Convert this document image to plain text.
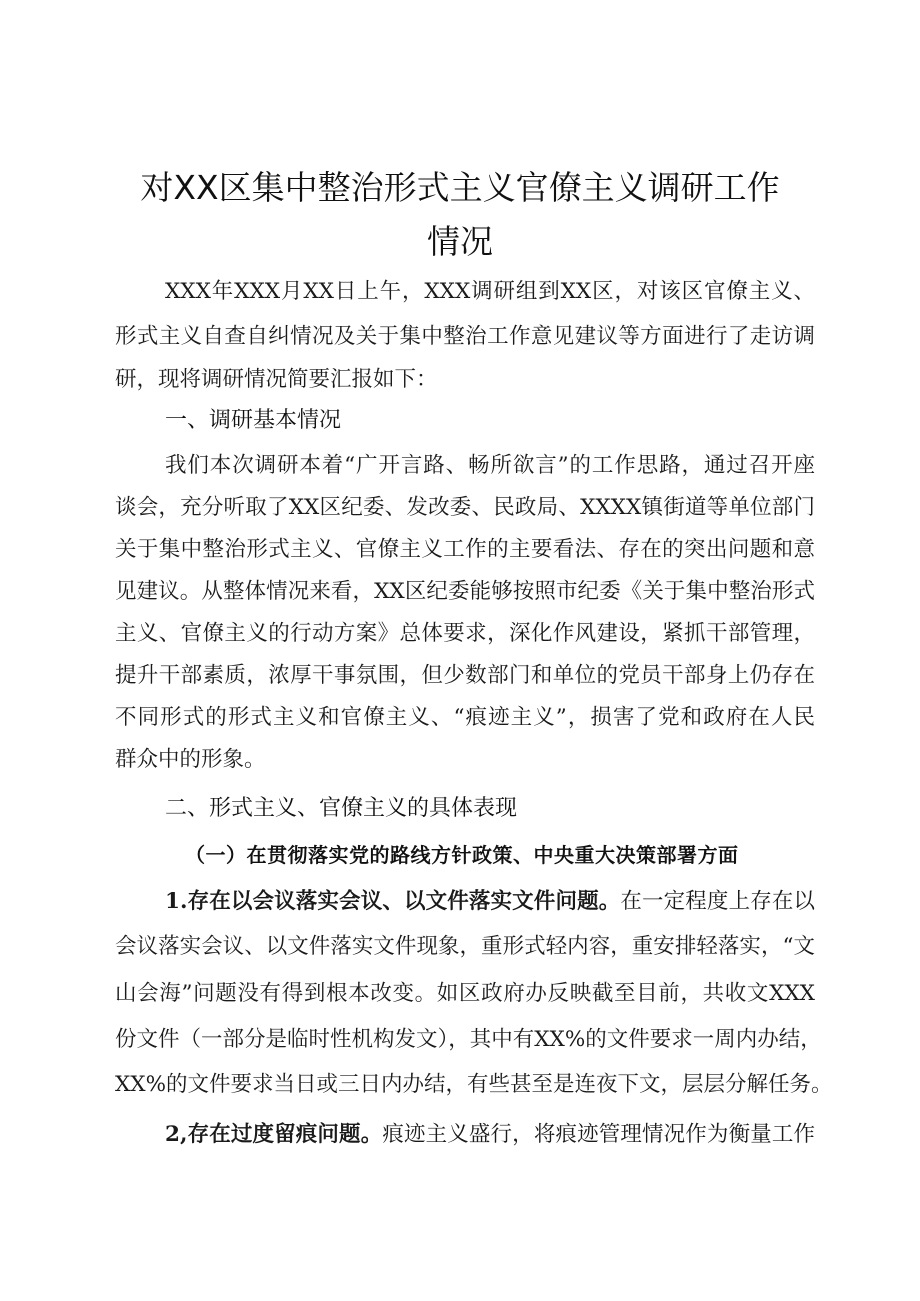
对XX区集中整治形式主义官僚主义调研工作
情况
XXX年XXX月XX日上午，XXX调研组到XX区，对该区官僚主义、
形式主义自查自纠情况及关于集中整治工作意见建议等方面进行了走访调
研，现将调研情况简要汇报如下：
一、调研基本情况
我们本次调研本着“广开言路、畅所欲言”的工作思路，通过召开座
谈会，充分听取了XX区纪委、发改委、民政局、XXXX镇街道等单位部门
关于集中整治形式主义、官僚主义工作的主要看法、存在的突出问题和意
见建议。从整体情况来看，XX区纪委能够按照市纪委《关于集中整治形式
主义、官僚主义的行动方案》总体要求，深化作风建设，紧抓干部管理，
提升干部素质，浓厚干事氛围，但少数部门和单位的党员干部身上仍存在
不同形式的形式主义和官僚主义、“痕迹主义”，损害了党和政府在人民
群众中的形象。
二、形式主义、官僚主义的具体表现
（一）在贯彻落实党的路线方针政策、中央重大决策部署方面
1.存在以会议落实会议、以文件落实文件问题。在一定程度上存在以
会议落实会议、以文件落实文件现象，重形式轻内容，重安排轻落实，“文
山会海”问题没有得到根本改变。如区政府办反映截至目前，共收文XXX
份文件（一部分是临时性机构发文），其中有XX%的文件要求一周内办结，
XX%的文件要求当日或三日内办结，有些甚至是连夜下文，层层分解任务。
2,存在过度留痕问题。痕迹主义盛行，将痕迹管理情况作为衡量工作
